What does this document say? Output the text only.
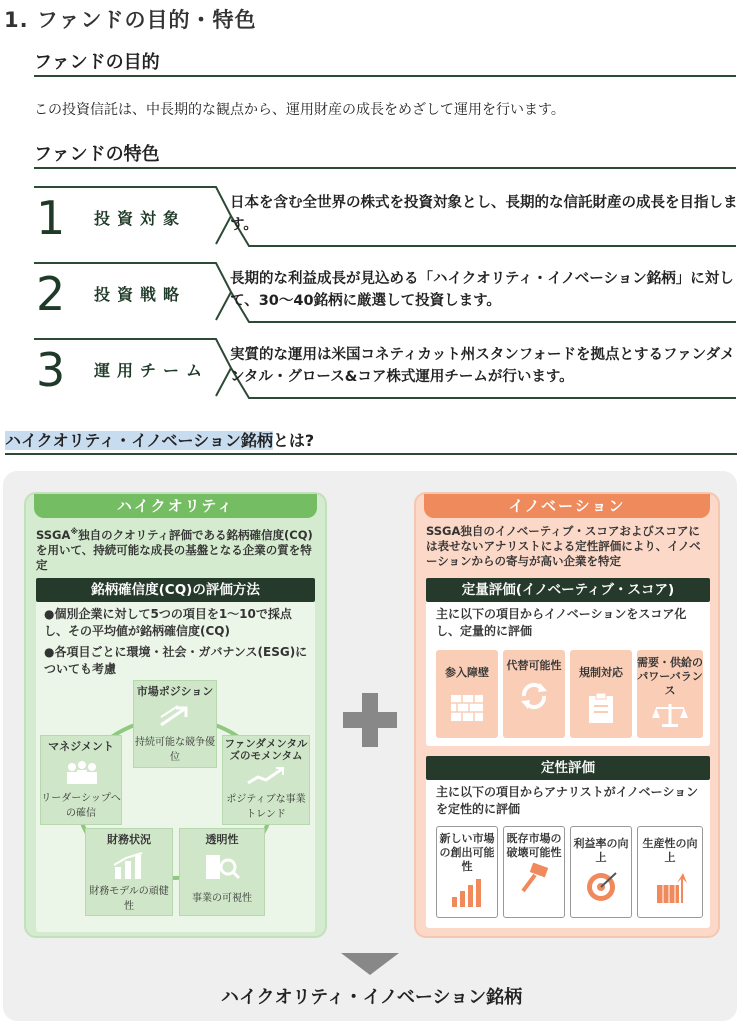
1. ファンドの目的・特色
ファンドの目的
この投資信託は、中長期的な観点から、運用財産の成長をめざして運用を行います。
ファンドの特色
1 投資対象
日本を含む全世界の株式を投資対象とし、長期的な信託財産の成長を目指します。
2 投資戦略
長期的な利益成長が見込める「ハイクオリティ・イノベーション銘柄」に対して、30〜40銘柄に厳選して投資します。
3 運用チーム
実質的な運用は米国コネティカット州スタンフォードを拠点とするファンダメンタル・グロース&コア株式運用チームが行います。
ハイクオリティ・イノベーション銘柄とは?
ハイクオリティ
SSGA※独自のクオリティ評価である銘柄確信度(CQ)を用いて、持続可能な成長の基盤となる企業の質を特定
銘柄確信度(CQ)の評価方法
●個別企業に対して5つの項目を1〜10で採点し、その平均値が銘柄確信度(CQ)
●各項目ごとに環境・社会・ガバナンス(ESG)についても考慮
市場ポジション
持続可能な競争優位
マネジメント
リーダーシップへの確信
ファンダメンタルズのモメンタム
ポジティブな事業トレンド
財務状況
財務モデルの頑健性
透明性
事業の可視性
イノベーション
SSGA独自のイノベーティブ・スコアおよびスコアには表せないアナリストによる定性評価により、イノベーションからの寄与が高い企業を特定
定量評価(イノベーティブ・スコア)
主に以下の項目からイノベーションをスコア化し、定量的に評価
参入障壁
代替可能性
規制対応
需要・供給のパワーバランス
定性評価
主に以下の項目からアナリストがイノベーションを定性的に評価
新しい市場の創出可能性
既存市場の破壊可能性
利益率の向上
生産性の向上
ハイクオリティ・イノベーション銘柄
